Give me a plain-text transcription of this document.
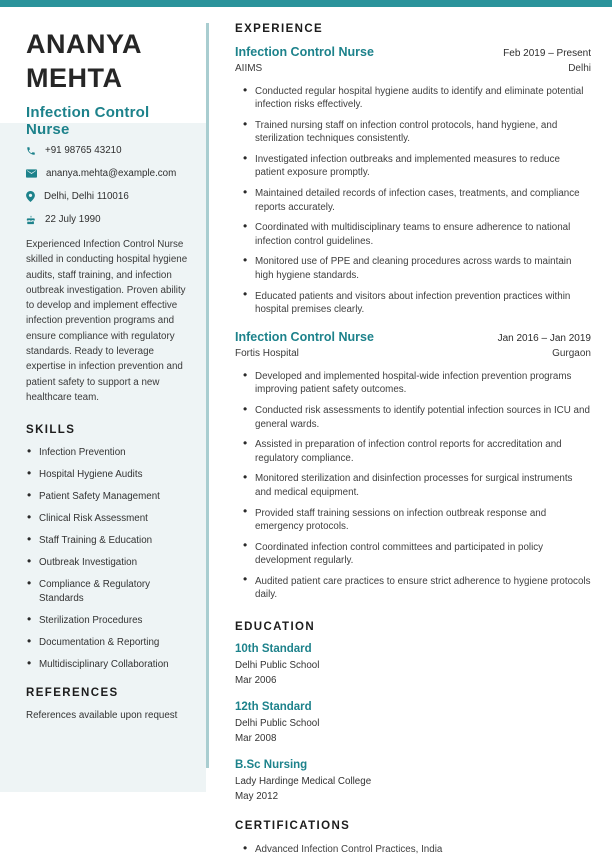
ANANYA
MEHTA
Infection Control Nurse
+91 98765 43210
ananya.mehta@example.com
Delhi, Delhi 110016
22 July 1990
Experienced Infection Control Nurse skilled in conducting hospital hygiene audits, staff training, and infection outbreak investigation. Proven ability to develop and implement effective infection prevention programs and ensure compliance with regulatory standards. Ready to leverage expertise in infection prevention and patient safety to support a new healthcare team.
SKILLS
• Infection Prevention
• Hospital Hygiene Audits
• Patient Safety Management
• Clinical Risk Assessment
• Staff Training & Education
• Outbreak Investigation
• Compliance & Regulatory Standards
• Sterilization Procedures
• Documentation & Reporting
• Multidisciplinary Collaboration
REFERENCES
References available upon request
EXPERIENCE
Infection Control Nurse	Feb 2019 – Present
AIIMS	Delhi
• Conducted regular hospital hygiene audits to identify and eliminate potential infection risks effectively.
• Trained nursing staff on infection control protocols, hand hygiene, and sterilization techniques consistently.
• Investigated infection outbreaks and implemented measures to reduce patient exposure promptly.
• Maintained detailed records of infection cases, treatments, and compliance reports accurately.
• Coordinated with multidisciplinary teams to ensure adherence to national infection control guidelines.
• Monitored use of PPE and cleaning procedures across wards to maintain high hygiene standards.
• Educated patients and visitors about infection prevention practices within hospital premises clearly.
Infection Control Nurse	Jan 2016 – Jan 2019
Fortis Hospital	Gurgaon
• Developed and implemented hospital-wide infection prevention programs improving patient safety outcomes.
• Conducted risk assessments to identify potential infection sources in ICU and general wards.
• Assisted in preparation of infection control reports for accreditation and regulatory compliance.
• Monitored sterilization and disinfection processes for surgical instruments and medical equipment.
• Provided staff training sessions on infection outbreak response and emergency protocols.
• Coordinated infection control committees and participated in policy development regularly.
• Audited patient care practices to ensure strict adherence to hygiene protocols daily.
EDUCATION
10th Standard
Delhi Public School
Mar 2006
12th Standard
Delhi Public School
Mar 2008
B.Sc Nursing
Lady Hardinge Medical College
May 2012
CERTIFICATIONS
• Advanced Infection Control Practices, India
